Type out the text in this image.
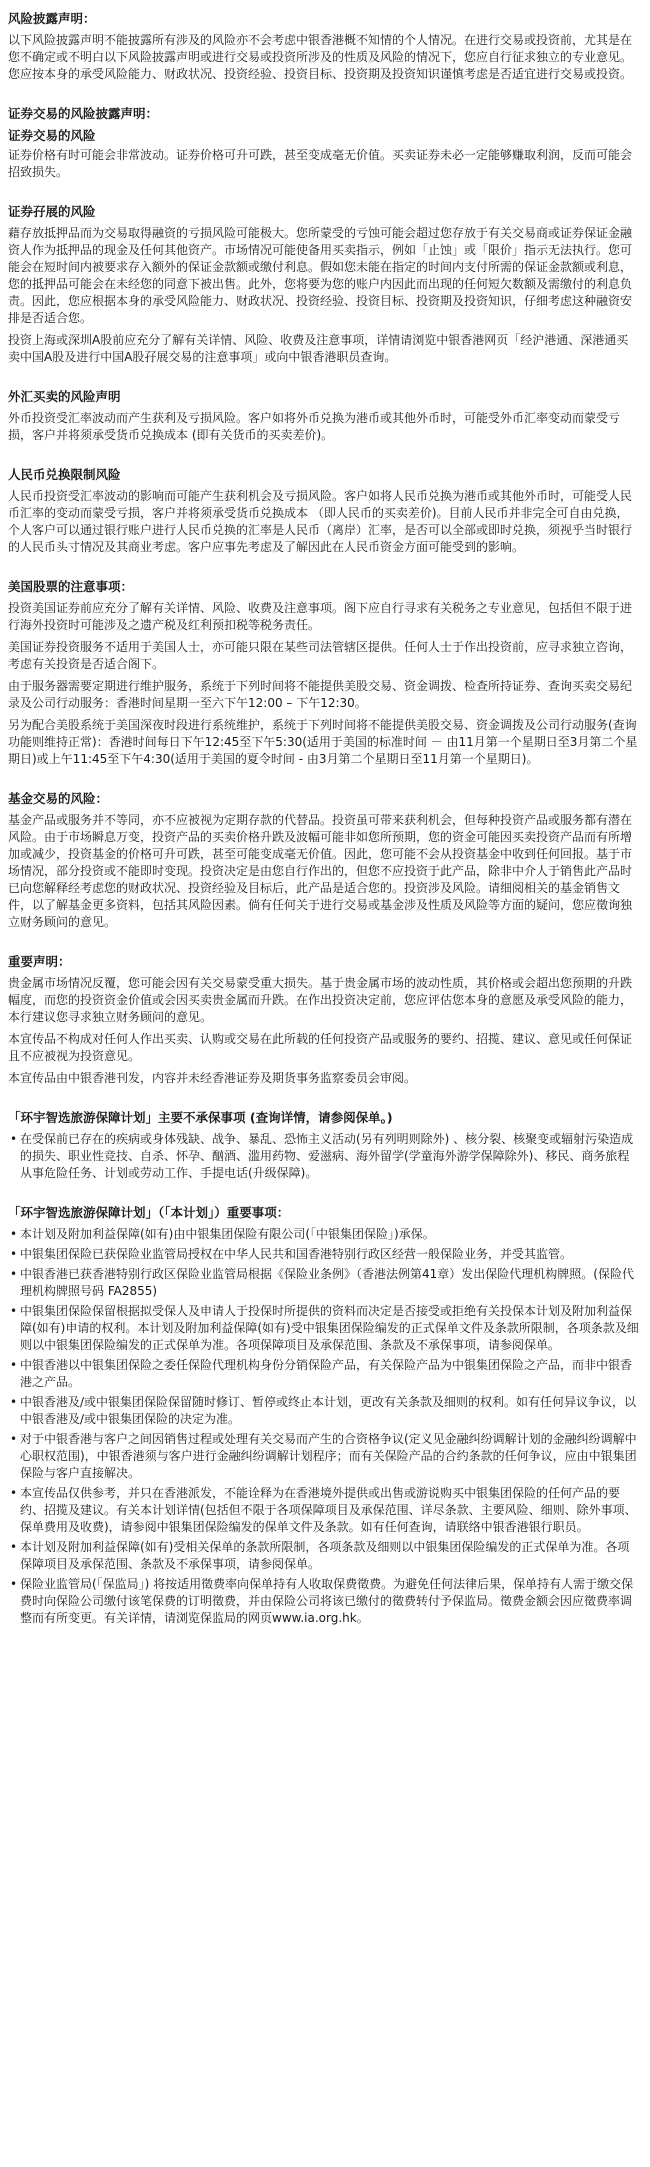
风险披露声明：
以下风险披露声明不能披露所有涉及的风险亦不会考虑中银香港概不知情的个人情况。在进行交易或投资前，尤其是在您不确定或不明白以下风险披露声明或进行交易或投资所涉及的性质及风险的情况下，您应自行征求独立的专业意见。您应按本身的承受风险能力、财政状况、投资经验、投资目标、投资期及投资知识谨慎考虑是否适宜进行交易或投资。
证券交易的风险披露声明：
证券交易的风险
证券价格有时可能会非常波动。证券价格可升可跌，甚至变成毫无价值。买卖证券未必一定能够赚取利润，反而可能会招致损失。
证券孖展的风险
藉存放抵押品而为交易取得融资的亏损风险可能极大。您所蒙受的亏蚀可能会超过您存放于有关交易商或证券保证金融资人作为抵押品的现金及任何其他资产。市场情况可能使备用买卖指示，例如「止蚀」或「限价」指示无法执行。您可能会在短时间内被要求存入额外的保证金款额或缴付利息。假如您未能在指定的时间内支付所需的保证金款额或利息，您的抵押品可能会在未经您的同意下被出售。此外，您将要为您的账户内因此而出现的任何短欠数额及需缴付的利息负责。因此，您应根据本身的承受风险能力、财政状况、投资经验、投资目标、投资期及投资知识，仔细考虑这种融资安排是否适合您。
投资上海或深圳A股前应充分了解有关详情、风险、收费及注意事项，详情请浏览中银香港网页「经沪港通、深港通买卖中国A股及进行中国A股孖展交易的注意事项」或向中银香港职员查询。
外汇买卖的风险声明
外币投资受汇率波动而产生获利及亏损风险。客户如将外币兑换为港币或其他外币时，可能受外币汇率变动而蒙受亏损，客户并将须承受货币兑换成本 (即有关货币的买卖差价)。
人民币兑换限制风险
人民币投资受汇率波动的影响而可能产生获利机会及亏损风险。客户如将人民币兑换为港币或其他外币时，可能受人民币汇率的变动而蒙受亏损，客户并将须承受货币兑换成本 （即人民币的买卖差价)。目前人民币并非完全可自由兑换，个人客户可以通过银行账户进行人民币兑换的汇率是人民币（离岸）汇率，是否可以全部或即时兑换，须视乎当时银行的人民币头寸情况及其商业考虑。客户应事先考虑及了解因此在人民币资金方面可能受到的影响。
美国股票的注意事项：
投资美国证券前应充分了解有关详情、风险、收费及注意事项。阁下应自行寻求有关税务之专业意见，包括但不限于进行海外投资时可能涉及之遗产税及红利预扣税等税务责任。
美国证券投资服务不适用于美国人士，亦可能只限在某些司法管辖区提供。任何人士于作出投资前，应寻求独立咨询，考虑有关投资是否适合阁下。
由于服务器需要定期进行维护服务，系统于下列时间将不能提供美股交易、资金调拨、检查所持证券、查询买卖交易纪录及公司行动服务：香港时间星期一至六下午12:00 – 下午12:30。
另为配合美股系统于美国深夜时段进行系统维护，系统于下列时间将不能提供美股交易、资金调拨及公司行动服务(查询功能则维持正常)：香港时间每日下午12:45至下午5:30(适用于美国的标准时间 － 由11月第一个星期日至3月第二个星期日)或上午11:45至下午4:30(适用于美国的夏令时间 - 由3月第二个星期日至11月第一个星期日)。
基金交易的风险：
基金产品或服务并不等同，亦不应被视为定期存款的代替品。投资虽可带来获利机会，但每种投资产品或服务都有潜在风险。由于市场瞬息万变，投资产品的买卖价格升跌及波幅可能非如您所预期，您的资金可能因买卖投资产品而有所增加或减少，投资基金的价格可升可跌，甚至可能变成毫无价值。因此，您可能不会从投资基金中收到任何回报。基于市场情况，部分投资或不能即时变现。投资决定是由您自行作出的，但您不应投资于此产品，除非中介人于销售此产品时已向您解释经考虑您的财政状况、投资经验及目标后，此产品是适合您的。投资涉及风险。请细阅相关的基金销售文件，以了解基金更多资料，包括其风险因素。倘有任何关于进行交易或基金涉及性质及风险等方面的疑问，您应徵询独立财务顾问的意见。
重要声明：
贵金属市场情况反覆，您可能会因有关交易蒙受重大损失。基于贵金属市场的波动性质，其价格或会超出您预期的升跌幅度，而您的投资资金价值或会因买卖贵金属而升跌。在作出投资决定前，您应评估您本身的意愿及承受风险的能力，本行建议您寻求独立财务顾问的意见。
本宣传品不构成对任何人作出买卖、认购或交易在此所载的任何投资产品或服务的要约、招揽、建议、意见或任何保证且不应被视为投资意见。
本宣传品由中银香港刊发，内容并未经香港证券及期货事务监察委员会审阅。
「环宇智选旅游保障计划」主要不承保事项 (查询详情，请参阅保单。)
• 在受保前已存在的疾病或身体残缺、战争、暴乱、恐怖主义活动(另有列明则除外) 、核分裂、核聚变或辐射污染造成的损失、职业性竞技、自杀、怀孕、酗酒、滥用药物、爱滋病、海外留学(学童海外游学保障除外)、移民、商务旅程从事危险任务、计划或劳动工作、手提电话(升级保障)。
「环宇智选旅游保障计划」（「本计划」）重要事项：
• 本计划及附加利益保障(如有)由中银集团保险有限公司(「中银集团保险」)承保。
• 中银集团保险已获保险业监管局授权在中华人民共和国香港特别行政区经营一般保险业务，并受其监管。
• 中银香港已获香港特别行政区保险业监管局根据《保险业条例》（香港法例第41章）发出保险代理机构牌照。(保险代理机构牌照号码 FA2855)
• 中银集团保险保留根据拟受保人及申请人于投保时所提供的资料而决定是否接受或拒绝有关投保本计划及附加利益保障(如有)申请的权利。本计划及附加利益保障(如有)受中银集团保险编发的正式保单文件及条款所限制，各项条款及细则以中银集团保险编发的正式保单为准。各项保障项目及承保范围、条款及不承保事项，请参阅保单。
• 中银香港以中银集团保险之委任保险代理机构身份分销保险产品，有关保险产品为中银集团保险之产品，而非中银香港之产品。
• 中银香港及/或中银集团保险保留随时修订、暂停或终止本计划，更改有关条款及细则的权利。如有任何异议争议，以中银香港及/或中银集团保险的决定为准。
• 对于中银香港与客户之间因销售过程或处理有关交易而产生的合资格争议(定义见金融纠纷调解计划的金融纠纷调解中心职权范围)，中银香港须与客户进行金融纠纷调解计划程序；而有关保险产品的合约条款的任何争议，应由中银集团保险与客户直接解决。
• 本宣传品仅供参考，并只在香港派发，不能诠释为在香港境外提供或出售或游说购买中银集团保险的任何产品的要约、招揽及建议。有关本计划详情(包括但不限于各项保障项目及承保范围、详尽条款、主要风险、细则、除外事项、保单费用及收费)，请参阅中银集团保险编发的保单文件及条款。如有任何查询，请联络中银香港银行职员。
• 本计划及附加利益保障(如有)受相关保单的条款所限制，各项条款及细则以中银集团保险编发的正式保单为准。各项保障项目及承保范围、条款及不承保事项，请参阅保单。
• 保险业监管局(「保监局」) 将按适用徵费率向保单持有人收取保费徵费。为避免任何法律后果，保单持有人需于缴交保费时向保险公司缴付该笔保费的订明徵费，并由保险公司将该已缴付的徵费转付予保监局。徵费金额会因应徵费率调整而有所变更。有关详情，请浏览保监局的网页www.ia.org.hk。
